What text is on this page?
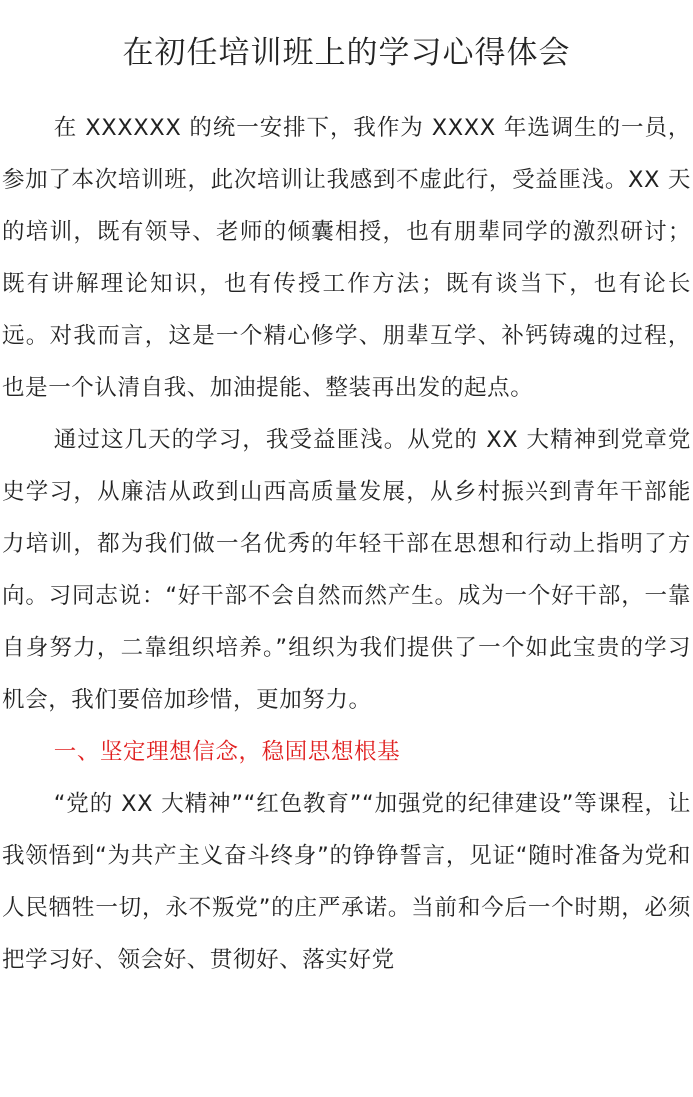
在初任培训班上的学习心得体会

在 XXXXXX 的统一安排下，我作为 XXXX 年选调生的一员，参加了本次培训班，此次培训让我感到不虚此行，受益匪浅。XX 天的培训，既有领导、老师的倾囊相授，也有朋辈同学的激烈研讨；既有讲解理论知识，也有传授工作方法；既有谈当下，也有论长远。对我而言，这是一个精心修学、朋辈互学、补钙铸魂的过程，也是一个认清自我、加油提能、整装再出发的起点。

通过这几天的学习，我受益匪浅。从党的 XX 大精神到党章党史学习，从廉洁从政到山西高质量发展，从乡村振兴到青年干部能力培训，都为我们做一名优秀的年轻干部在思想和行动上指明了方向。习同志说：“好干部不会自然而然产生。成为一个好干部，一靠自身努力，二靠组织培养。”组织为我们提供了一个如此宝贵的学习机会，我们要倍加珍惜，更加努力。

一、坚定理想信念，稳固思想根基

“党的 XX 大精神”“红色教育”“加强党的纪律建设”等课程，让我领悟到“为共产主义奋斗终身”的铮铮誓言，见证“随时准备为党和人民牺牲一切，永不叛党”的庄严承诺。当前和今后一个时期，必须把学习好、领会好、贯彻好、落实好党
